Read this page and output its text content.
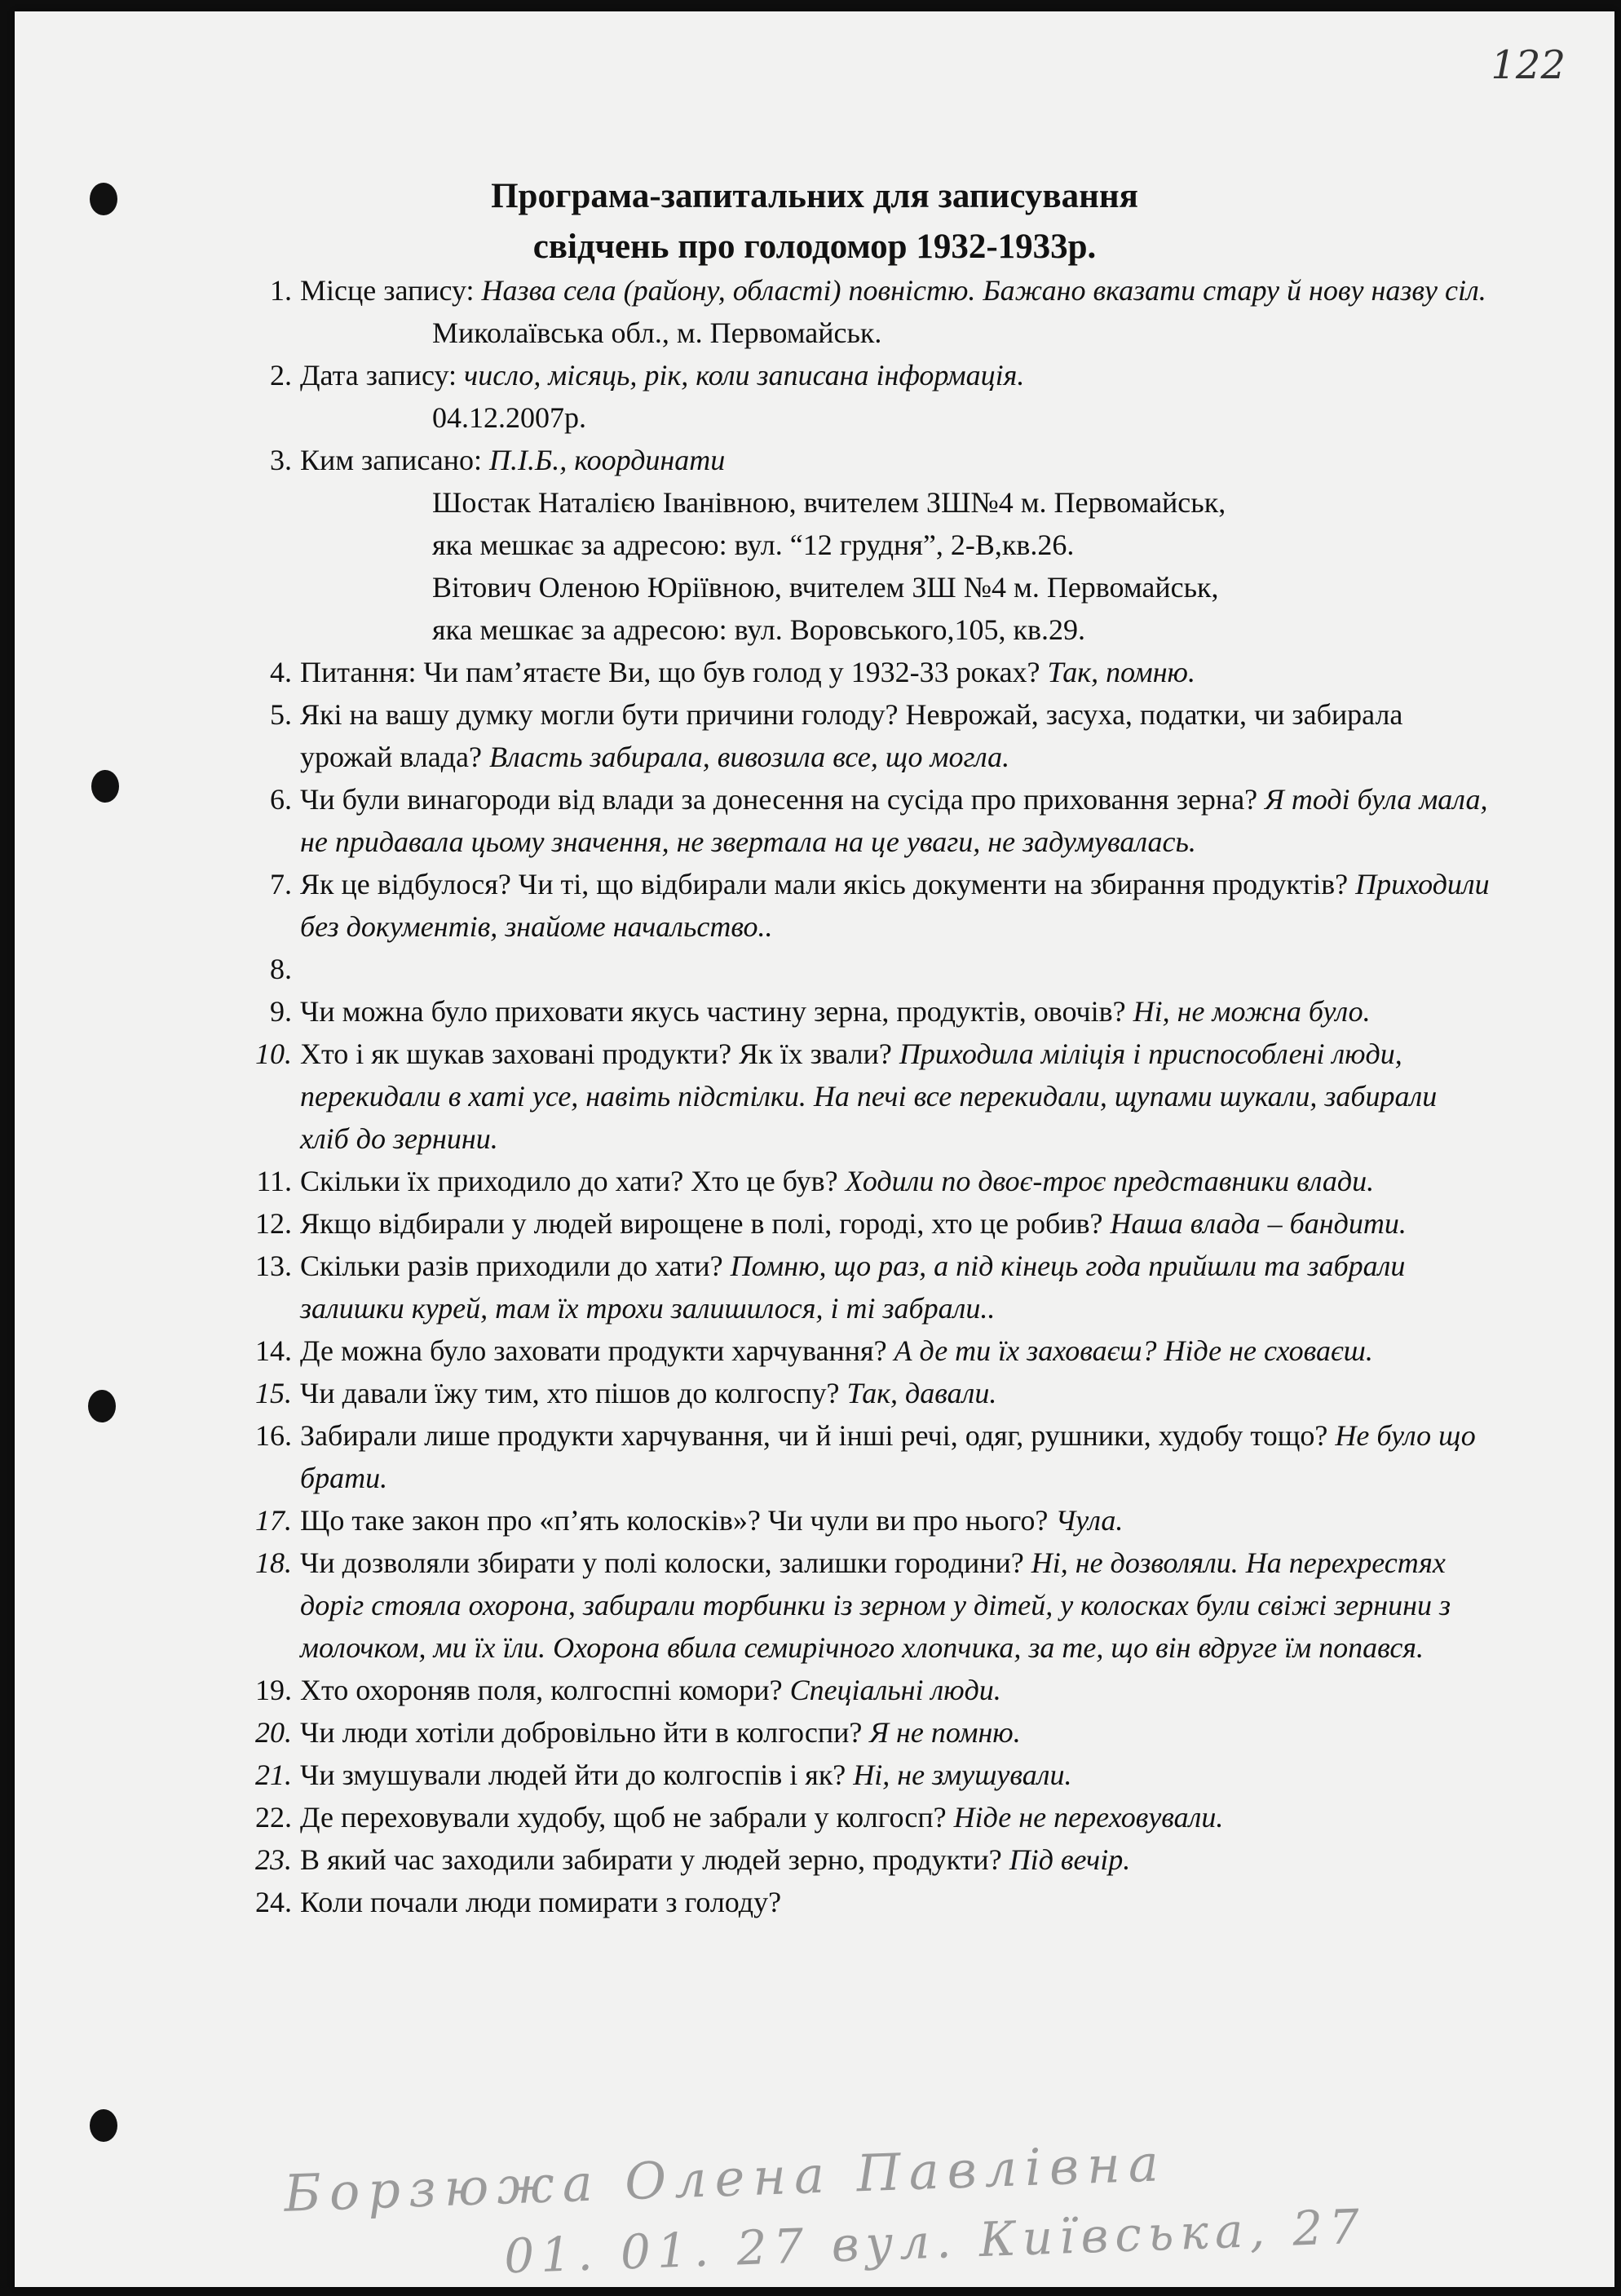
122
Програма-запитальних для записування
свідчень про голодомор 1932-1933р.
1. Місце запису: Назва села (району, області) повністю. Бажано вказати стару й нову назву сіл.
Миколаївська обл., м. Первомайськ.
2. Дата запису: число, місяць, рік, коли записана інформація.
04.12.2007р.
3. Ким записано: П.І.Б., координати
Шостак Наталією Іванівною, вчителем ЗШ№4 м. Первомайськ,
яка мешкає за адресою: вул. “12 грудня”, 2-В,кв.26.
Вітович Оленою Юріївною, вчителем ЗШ №4 м. Первомайськ,
яка мешкає за адресою: вул. Воровського,105, кв.29.
4. Питання: Чи пам’ятаєте Ви, що був голод у 1932-33 роках? Так, помню.
5. Які на вашу думку могли бути причини голоду? Неврожай, засуха, податки, чи забирала урожай влада? Власть забирала, вивозила все, що могла.
6. Чи були винагороди від влади за донесення на сусіда про приховання зерна? Я тоді була мала, не придавала цьому значення, не звертала на це уваги, не задумувалась.
7. Як це відбулося? Чи ті, що відбирали мали якісь документи на збирання продуктів? Приходили без документів, знайоме начальство..
8.

9. Чи можна було приховати якусь частину зерна, продуктів, овочів? Ні, не можна було.
10. Хто і як шукав заховані продукти? Як їх звали? Приходила міліція і приспособлені люди, перекидали в хаті усе, навіть підстілки. На печі все перекидали, щупами шукали, забирали хліб до зернини.
11. Скільки їх приходило до хати? Хто це був? Ходили по двоє-троє представники влади.
12. Якщо відбирали у людей вирощене в полі, городі, хто це робив? Наша влада – бандити.
13. Скільки разів приходили до хати? Помню, що раз, а під кінець года прийшли та забрали залишки курей, там їх трохи залишилося, і ті забрали..
14. Де можна було заховати продукти харчування? А де ти їх заховаєш? Ніде не сховаєш.
15. Чи давали їжу тим, хто пішов до колгоспу? Так, давали.
16. Забирали лише продукти харчування, чи й інші речі, одяг, рушники, худобу тощо? Не було що брати.
17. Що таке закон про «п’ять колосків»? Чи чули ви про нього? Чула.
18. Чи дозволяли збирати у полі колоски, залишки городини? Ні, не дозволяли. На перехрестях доріг стояла охорона, забирали торбинки із зерном у дітей, у колосках були свіжі зернини з молочком, ми їх їли. Охорона вбила семирічного хлопчика, за те, що він вдруге їм попався.
19. Хто охороняв поля, колгоспні комори? Спеціальні люди.
20. Чи люди хотіли добровільно йти в колгоспи? Я не помню.
21. Чи змушували людей йти до колгоспів і як? Ні, не змушували.
22. Де переховували худобу, щоб не забрали у колгосп? Ніде не переховували.
23. В який час заходили забирати у людей зерно, продукти? Під вечір.
24. Коли почали люди помирати з голоду?
Борзюжа Олена Павлівна
01. 01. 27 вул. Київська, 27
